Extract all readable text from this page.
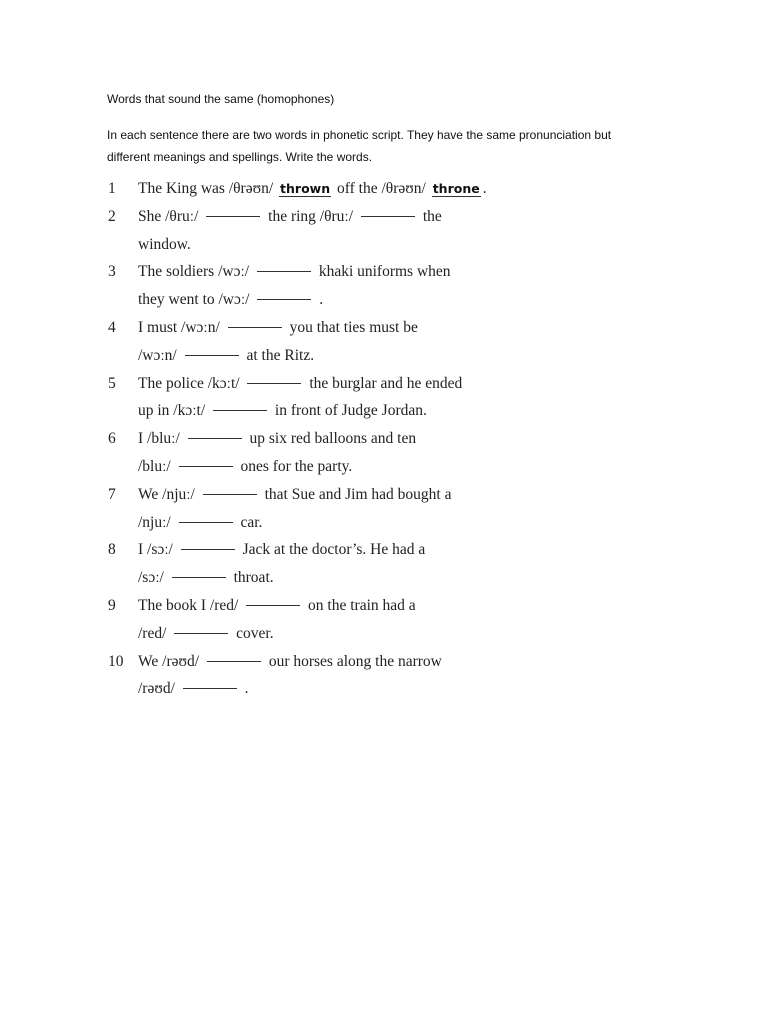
Words that sound the same (homophones)
In each sentence there are two words in phonetic script. They have the same pronunciation but
different meanings and spellings. Write the words.
1 The King was /θrəʊn/ thrown off the /θrəʊn/ throne .
2 She /θruː/	the ring /θruː/	the
window.
3 The soldiers /wɔː/	khaki uniforms when
they went to /wɔː/	.
4 I must /wɔːn/	you that ties must be
/wɔːn/	at the Ritz.
5 The police /kɔːt/	the burglar and he ended
up in /kɔːt/	in front of Judge Jordan.
6 I /bluː/	up six red balloons and ten
/bluː/	ones for the party.
7 We /njuː/	that Sue and Jim had bought a
/njuː/	car.
8 I /sɔː/	Jack at the doctor’s. He had a
/sɔː/	throat.
9 The book I /red/	on the train had a
/red/	cover.
10 We /rəʊd/	our horses along the narrow
/rəʊd/	.
